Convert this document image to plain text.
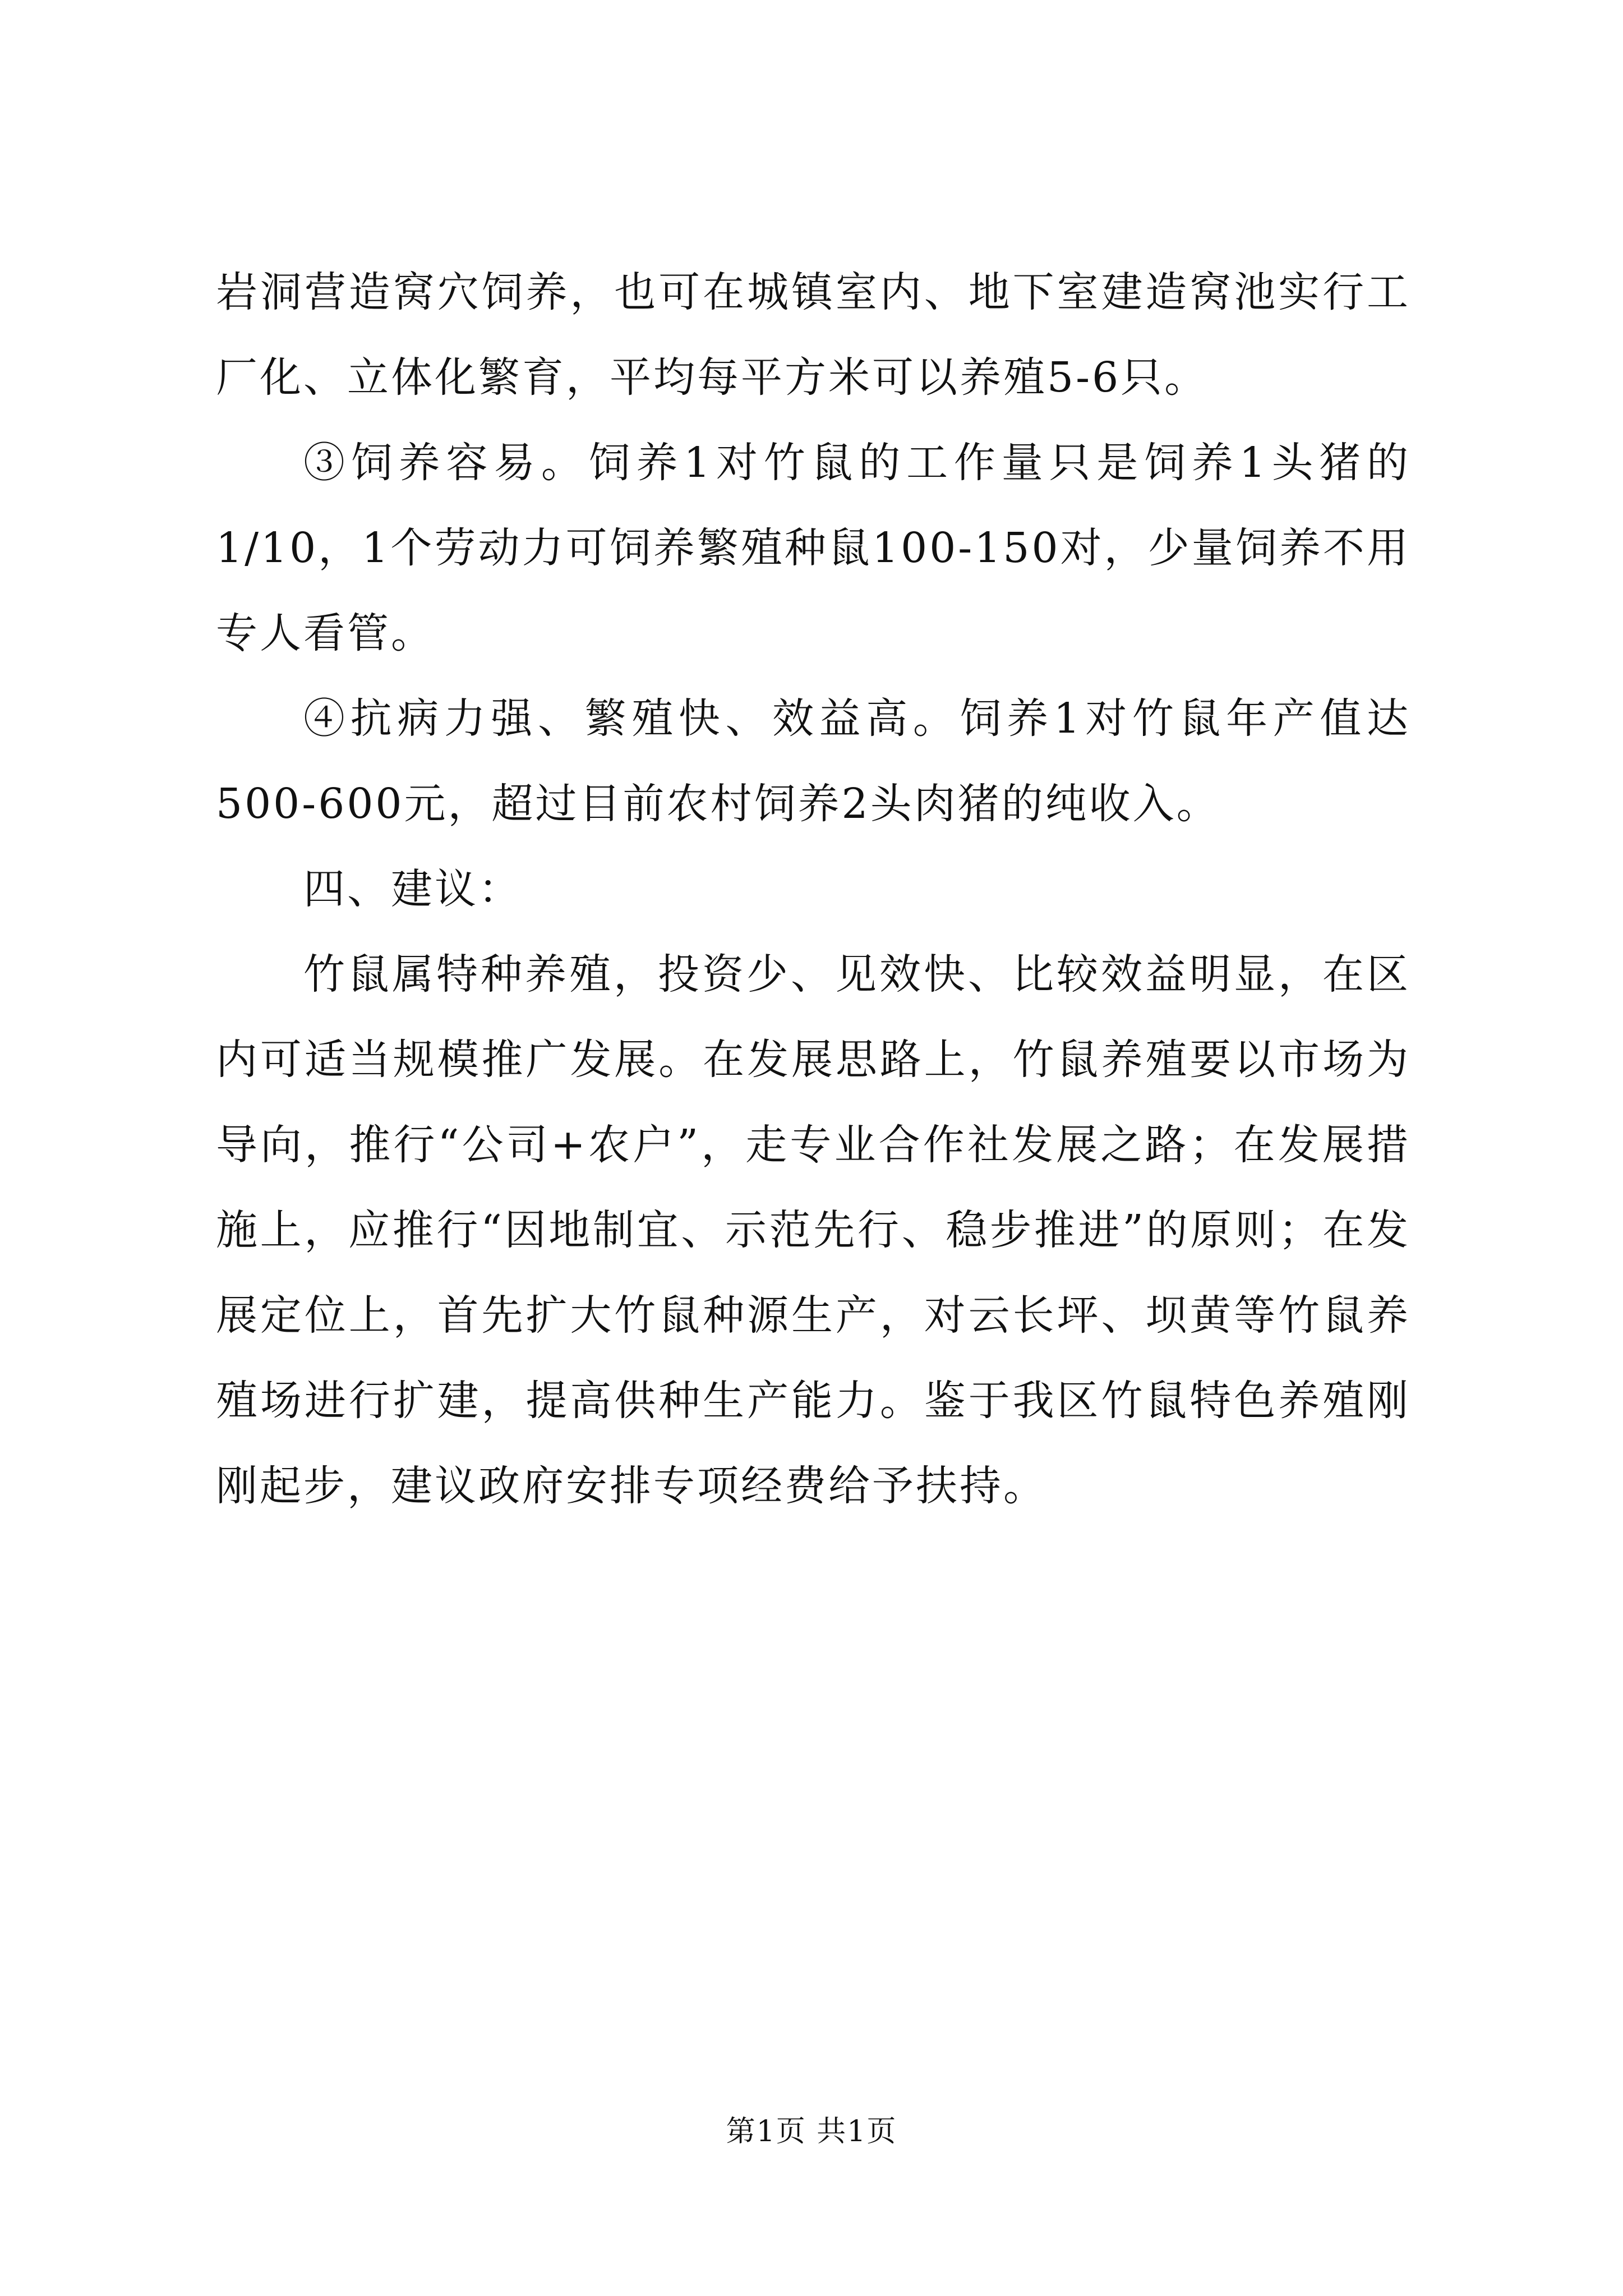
岩洞营造窝穴饲养，也可在城镇室内、地下室建造窝池实行工厂化、立体化繁育，平均每平方米可以养殖5-6只。

③饲养容易。饲养1对竹鼠的工作量只是饲养1头猪的1/10，1个劳动力可饲养繁殖种鼠100-150对，少量饲养不用专人看管。

④抗病力强、繁殖快、效益高。饲养1对竹鼠年产值达500-600元，超过目前农村饲养2头肉猪的纯收入。

四、建议：

竹鼠属特种养殖，投资少、见效快、比较效益明显，在区内可适当规模推广发展。在发展思路上，竹鼠养殖要以市场为导向，推行“公司+农户”，走专业合作社发展之路；在发展措施上，应推行“因地制宜、示范先行、稳步推进”的原则；在发展定位上，首先扩大竹鼠种源生产，对云长坪、坝黄等竹鼠养殖场进行扩建，提高供种生产能力。鉴于我区竹鼠特色养殖刚刚起步，建议政府安排专项经费给予扶持。

第1页 共1页
